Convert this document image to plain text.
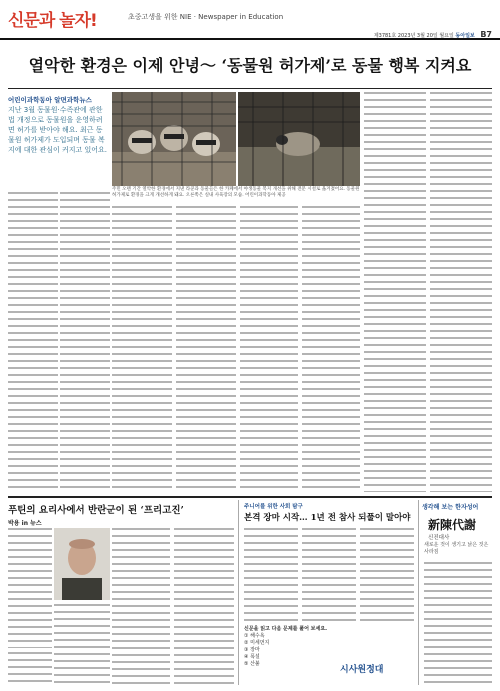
신문과 놀자!	초중고생을 위한 NIE · Newspaper in Education
제3781호 2023년 3월 20일 월요일 동아일보 B7
열악한 환경은 이제 안녕～ ‘동물원 허가제’로 동물 행복 지켜요
어린이과학동아 알면과학뉴스
지난 3월 동물원·수족관에 관한 법 개정으로 동물원을 운영하려면 허가를 받아야 해요. 최근 동물원 허가제가 도입되며 동물 복지에 대한 관심이 커지고 있어요.
주민 오랜 기간 열악한 환경에서 지낸 라쿤과 동물들은 한 카페에서 야생동물 복지 개선을 위해 전문 시설로 옮겨졌어요. 동물원 허가제로 환경을 크게 개선하게 돼요. 오른쪽은 실내 사육장의 모습. 어린이과학동아 제공
푸틴의 요리사에서 반란군이 된 ‘프리고진’
박용 in 뉴스
주니어를 위한 사회 탐구
본격 장마 시작… 1년 전 참사 되풀이 말아야
신문을 읽고 다음 문제를 풀어 보세요.
① 해수욕
② 미세먼지
③ 장마
④ 폭설
⑤ 산불
시사원정대
생각해 보는 한자성어
新陳代謝
신진대사
새로운 것이 생기고 낡은 것은 사라짐
